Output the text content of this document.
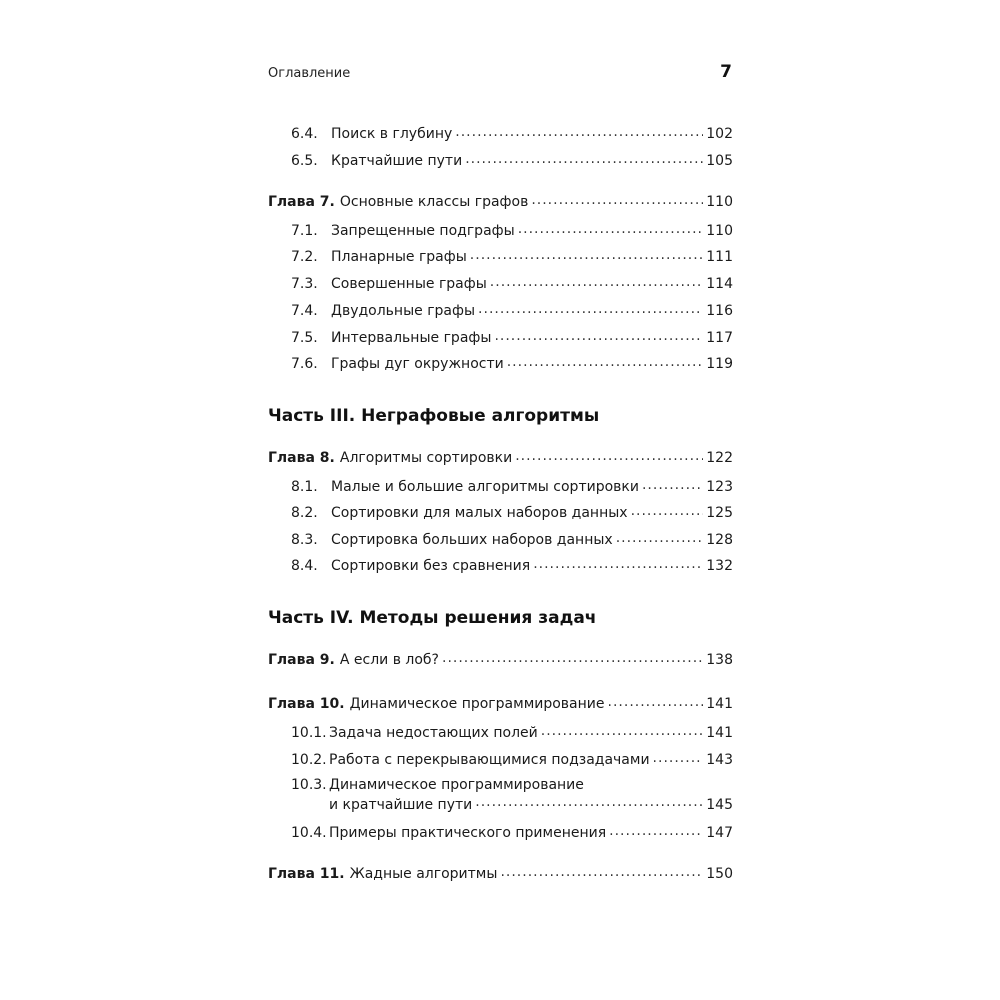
Оглавление	7
6.4. Поиск в глубину .....	102
6.5. Кратчайшие пути .....	105
Глава 7. Основные классы графов .....	110
7.1. Запрещенные подграфы .....	110
7.2. Планарные графы .....	111
7.3. Совершенные графы .....	114
7.4. Двудольные графы .....	116
7.5. Интервальные графы .....	117
7.6. Графы дуг окружности .....	119
Часть III. Неграфовые алгоритмы
Глава 8. Алгоритмы сортировки .....	122
8.1. Малые и большие алгоритмы сортировки .....	123
8.2. Сортировки для малых наборов данных .....	125
8.3. Сортировка больших наборов данных .....	128
8.4. Сортировки без сравнения .....	132
Часть IV. Методы решения задач
Глава 9. А если в лоб? .....	138
Глава 10. Динамическое программирование .....	141
10.1. Задача недостающих полей .....	141
10.2. Работа с перекрывающимися подзадачами .....	143
10.3. Динамическое программирование
и кратчайшие пути .....	145
10.4. Примеры практического применения .....	147
Глава 11. Жадные алгоритмы .....	150
